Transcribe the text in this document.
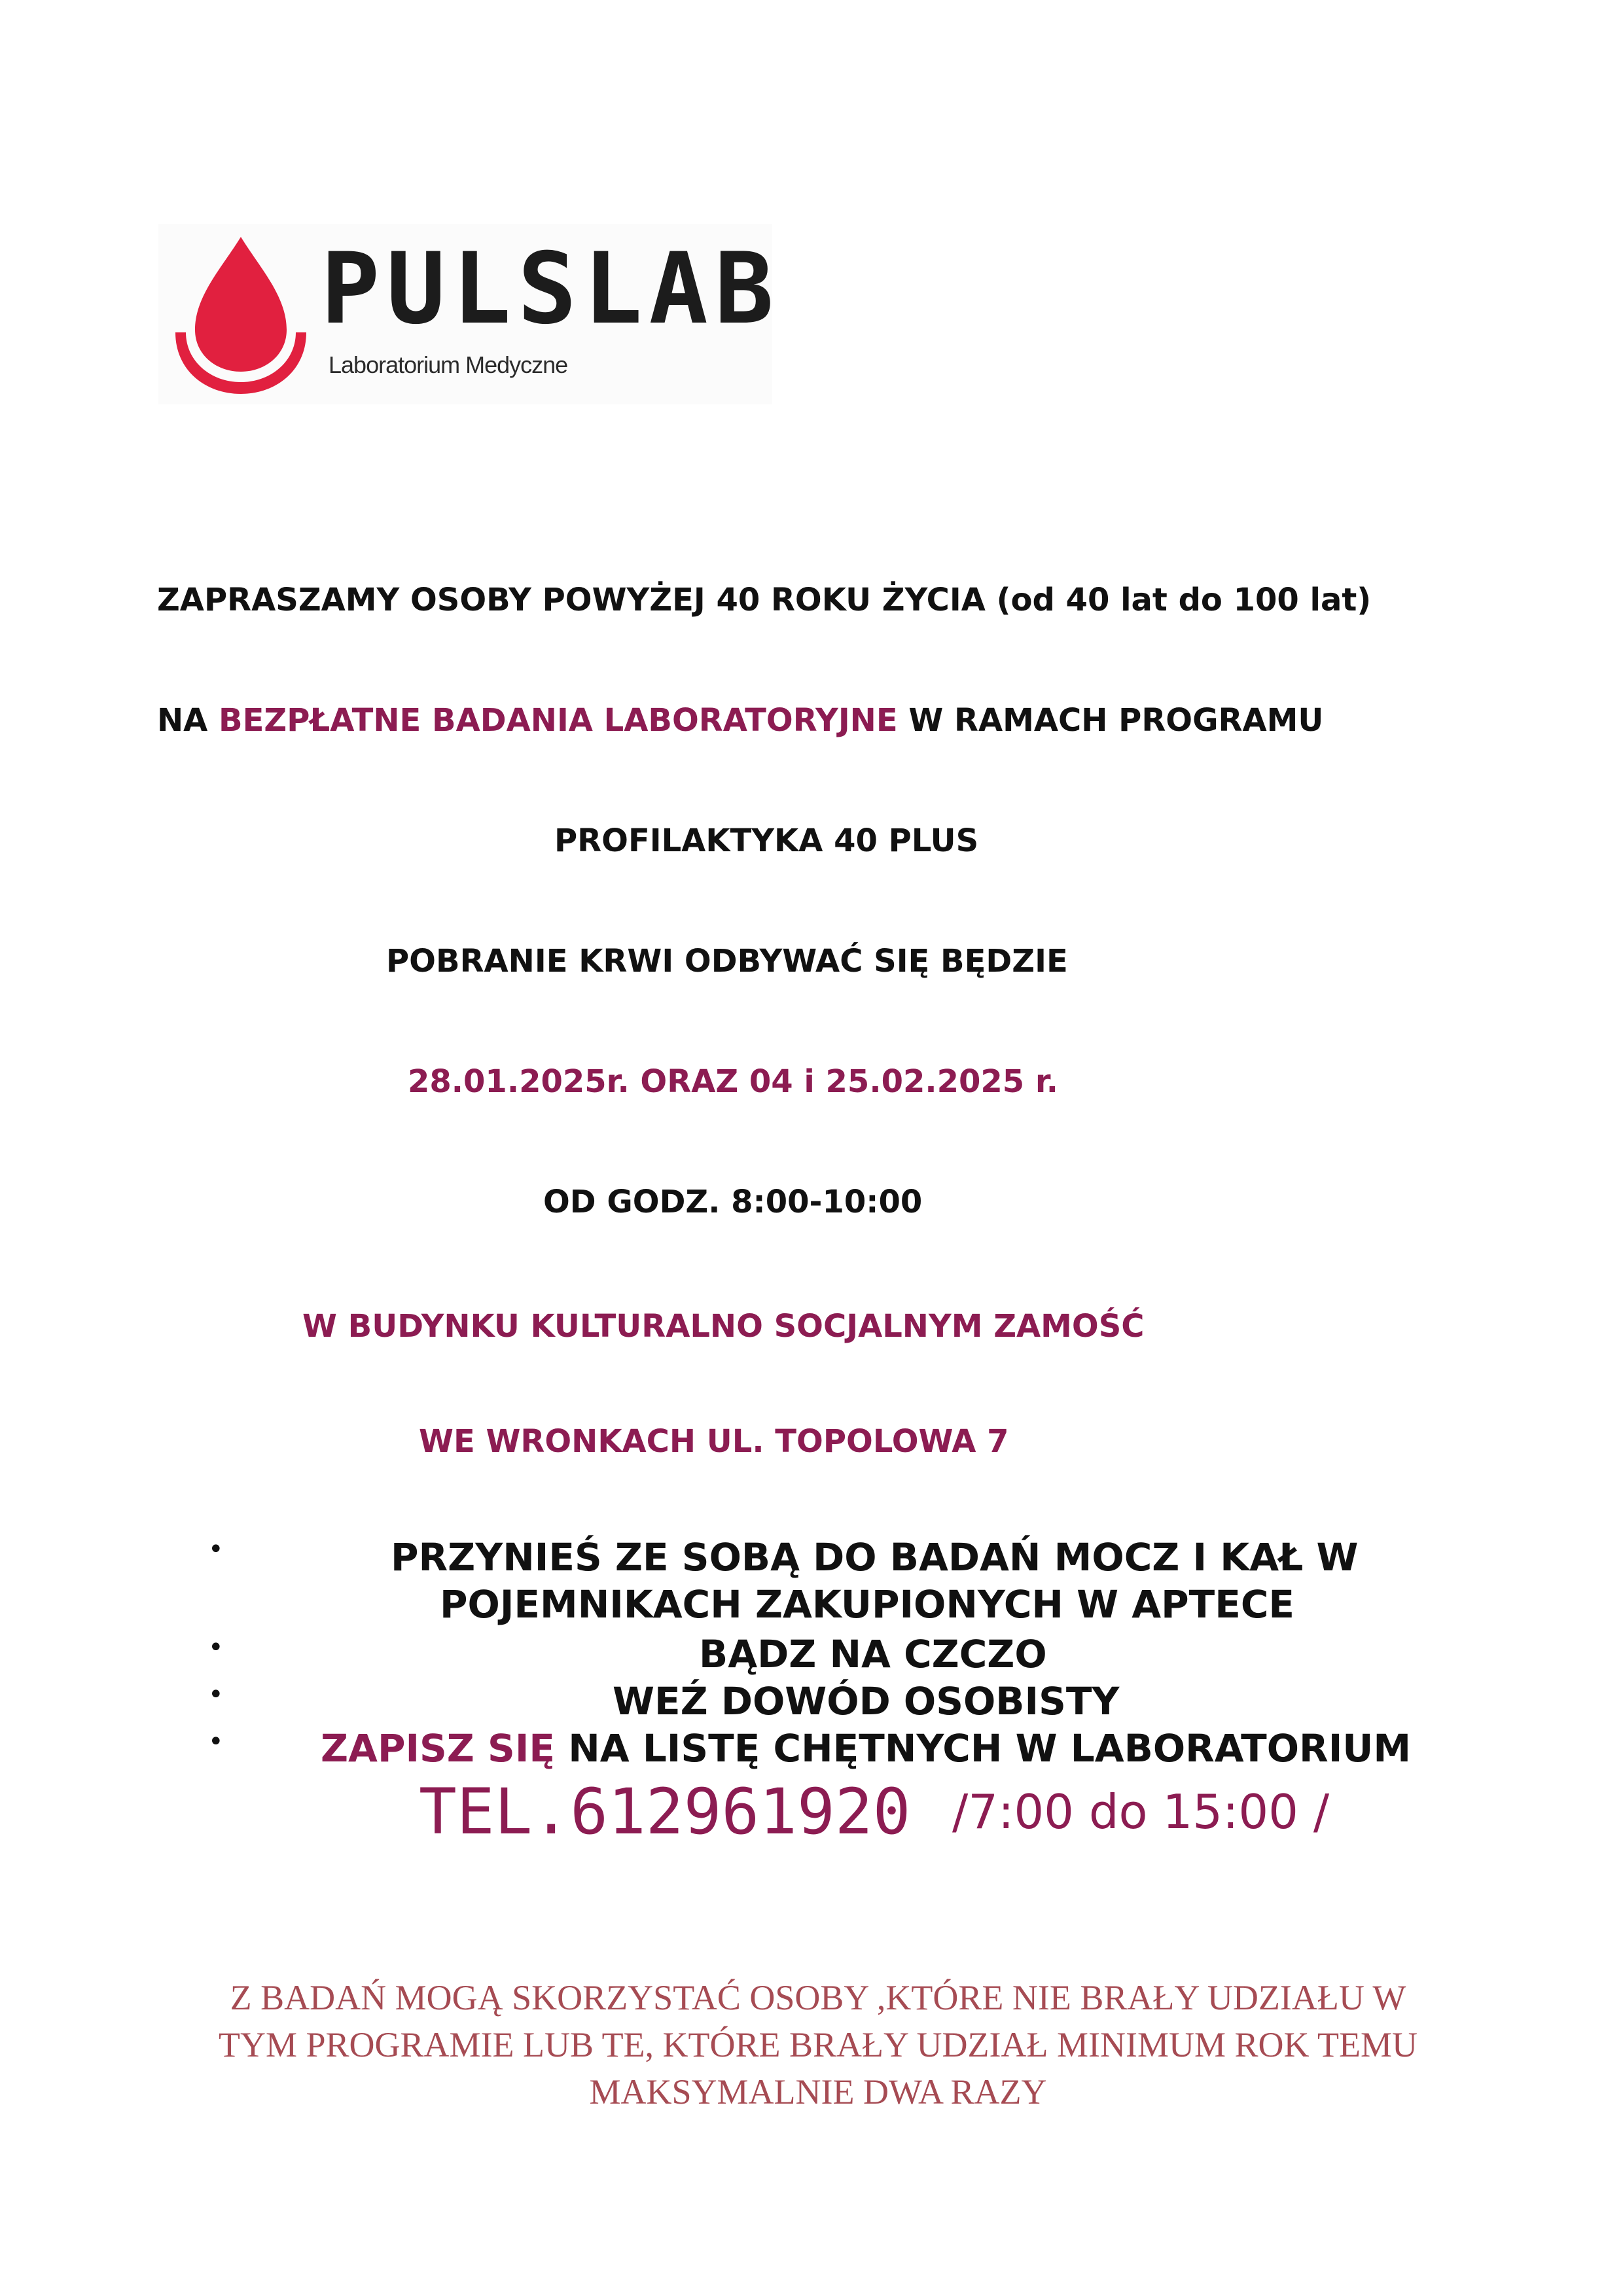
PULSLAB
Laboratorium Medyczne
ZAPRASZAMY OSOBY POWYŻEJ 40 ROKU ŻYCIA (od 40 lat do 100 lat)
NA BEZPŁATNE BADANIA LABORATORYJNE W RAMACH PROGRAMU
PROFILAKTYKA 40 PLUS
POBRANIE KRWI ODBYWAĆ SIĘ BĘDZIE
28.01.2025r. ORAZ 04 i 25.02.2025 r.
OD GODZ. 8:00-10:00
W BUDYNKU KULTURALNO SOCJALNYM ZAMOŚĆ
WE WRONKACH UL. TOPOLOWA 7
•	PRZYNIEŚ ZE SOBĄ DO BADAŃ MOCZ I KAŁ W
POJEMNIKACH ZAKUPIONYCH W APTECE
•	BĄDZ NA CZCZO
•	WEŹ DOWÓD OSOBISTY
•	ZAPISZ SIĘ NA LISTĘ CHĘTNYCH W LABORATORIUM
TEL.612961920 /7:00 do 15:00 /
Z BADAŃ MOGĄ SKORZYSTAĆ OSOBY ,KTÓRE NIE BRAŁY UDZIAŁU W
TYM PROGRAMIE LUB TE, KTÓRE BRAŁY UDZIAŁ MINIMUM ROK TEMU
MAKSYMALNIE DWA RAZY
